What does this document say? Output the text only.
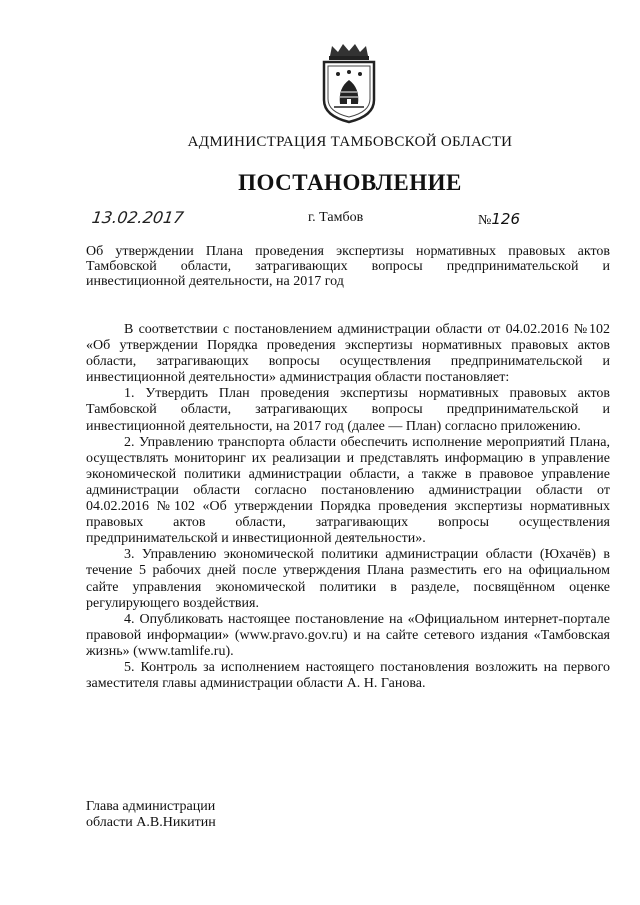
АДМИНИСТРАЦИЯ ТАМБОВСКОЙ ОБЛАСТИ
ПОСТАНОВЛЕНИЕ
13.02.2017	г. Тамбов	№126
Об утверждении Плана проведения экспертизы нормативных правовых актов Тамбовской области, затрагивающих вопросы предпринимательской и инвестиционной деятельности, на 2017 год

В соответствии с постановлением администрации области от 04.02.2016 №102 «Об утверждении Порядка проведения экспертизы нормативных правовых актов области, затрагивающих вопросы осуществления предпринимательской и инвестиционной деятельности» администрация области постановляет:

1. Утвердить План проведения экспертизы нормативных правовых актов Тамбовской области, затрагивающих вопросы предпринимательской и инвестиционной деятельности, на 2017 год (далее — План) согласно приложению.

2. Управлению транспорта области обеспечить исполнение мероприятий Плана, осуществлять мониторинг их реализации и представлять информацию в управление экономической политики администрации области, а также в правовое управление администрации области согласно постановлению администрации области от 04.02.2016 №102 «Об утверждении Порядка проведения экспертизы нормативных правовых актов области, затрагивающих вопросы осуществления предпринимательской и инвестиционной деятельности».

3. Управлению экономической политики администрации области (Юхачёв) в течение 5 рабочих дней после утверждения Плана разместить его на официальном сайте управления экономической политики в разделе, посвящённом оценке регулирующего воздействия.

4. Опубликовать настоящее постановление на «Официальном интернет-портале правовой информации» (www.pravo.gov.ru) и на сайте сетевого издания «Тамбовская жизнь» (www.tamlife.ru).

5. Контроль за исполнением настоящего постановления возложить на первого заместителя главы администрации области А. Н. Ганова.

Глава администрации
области А.В.Никитин
